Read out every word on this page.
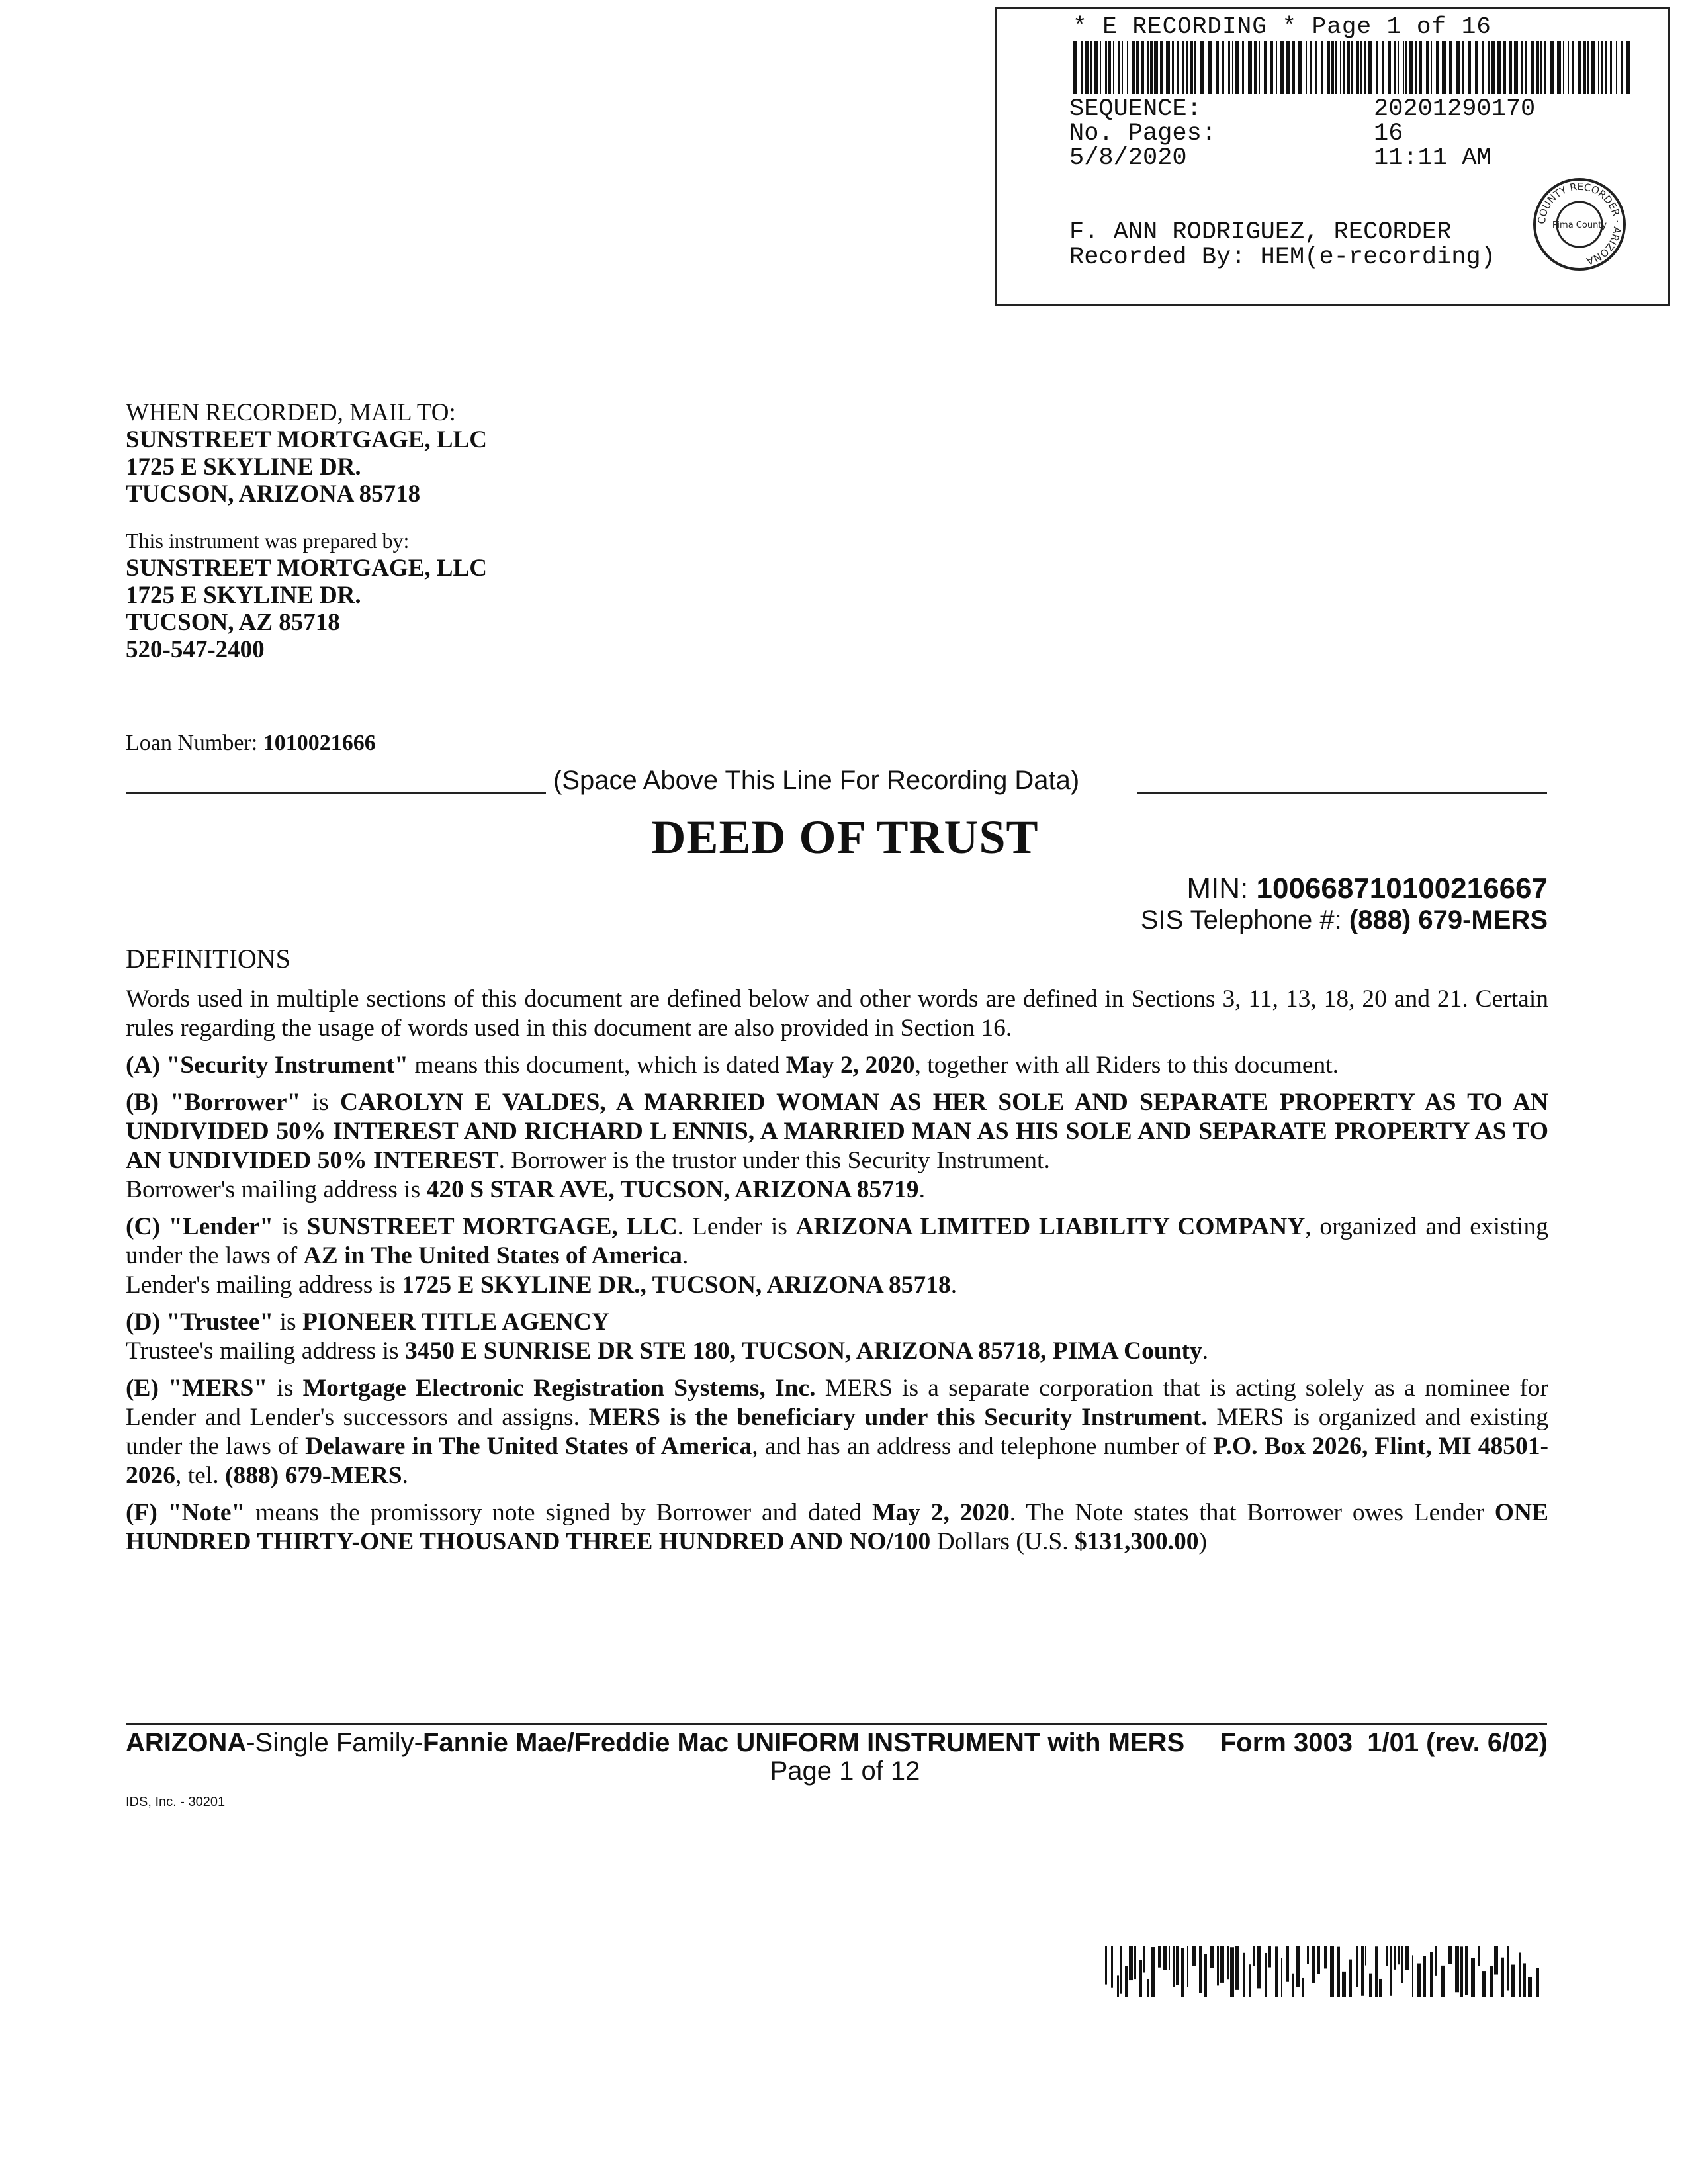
* E RECORDING * Page 1 of 16
SEQUENCE:	20201290170
No. Pages:	16
5/8/2020	11:11 AM
F. ANN RODRIGUEZ, RECORDER
Recorded By: HEM(e-recording)
COUNTY RECORDER · ARIZONA
Pima County
WHEN RECORDED, MAIL TO:
SUNSTREET MORTGAGE, LLC
1725 E SKYLINE DR.
TUCSON, ARIZONA 85718
This instrument was prepared by:
SUNSTREET MORTGAGE, LLC
1725 E SKYLINE DR.
TUCSON, AZ 85718
520-547-2400
Loan Number: 1010021666
(Space Above This Line For Recording Data)
DEED OF TRUST
MIN: 100668710100216667
SIS Telephone #: (888) 679-MERS
DEFINITIONS

Words used in multiple sections of this document are defined below and other words are defined in Sections 3, 11, 13, 18, 20 and 21. Certain rules regarding the usage of words used in this document are also provided in Section 16.

(A) "Security Instrument" means this document, which is dated May 2, 2020, together with all Riders to this document.

(B) "Borrower" is CAROLYN E VALDES, A MARRIED WOMAN AS HER SOLE AND SEPARATE PROPERTY AS TO AN UNDIVIDED 50% INTEREST AND RICHARD L ENNIS, A MARRIED MAN AS HIS SOLE AND SEPARATE PROPERTY AS TO AN UNDIVIDED 50% INTEREST. Borrower is the trustor under this Security Instrument.
Borrower's mailing address is 420 S STAR AVE, TUCSON, ARIZONA 85719.

(C) "Lender" is SUNSTREET MORTGAGE, LLC. Lender is ARIZONA LIMITED LIABILITY COMPANY, organized and existing under the laws of AZ in The United States of America.
Lender's mailing address is 1725 E SKYLINE DR., TUCSON, ARIZONA 85718.

(D) "Trustee" is PIONEER TITLE AGENCY
Trustee's mailing address is 3450 E SUNRISE DR STE 180, TUCSON, ARIZONA 85718, PIMA County.

(E) "MERS" is Mortgage Electronic Registration Systems, Inc. MERS is a separate corporation that is acting solely as a nominee for Lender and Lender's successors and assigns. MERS is the beneficiary under this Security Instrument. MERS is organized and existing under the laws of Delaware in The United States of America, and has an address and telephone number of P.O. Box 2026, Flint, MI 48501-2026, tel. (888) 679-MERS.

(F) "Note" means the promissory note signed by Borrower and dated May 2, 2020. The Note states that Borrower owes Lender ONE HUNDRED THIRTY-ONE THOUSAND THREE HUNDRED AND NO/100 Dollars (U.S. $131,300.00)

ARIZONA-Single Family-Fannie Mae/Freddie Mac UNIFORM INSTRUMENT with MERS Form 3003 1/01 (rev. 6/02)
Page 1 of 12
IDS, Inc. - 30201
